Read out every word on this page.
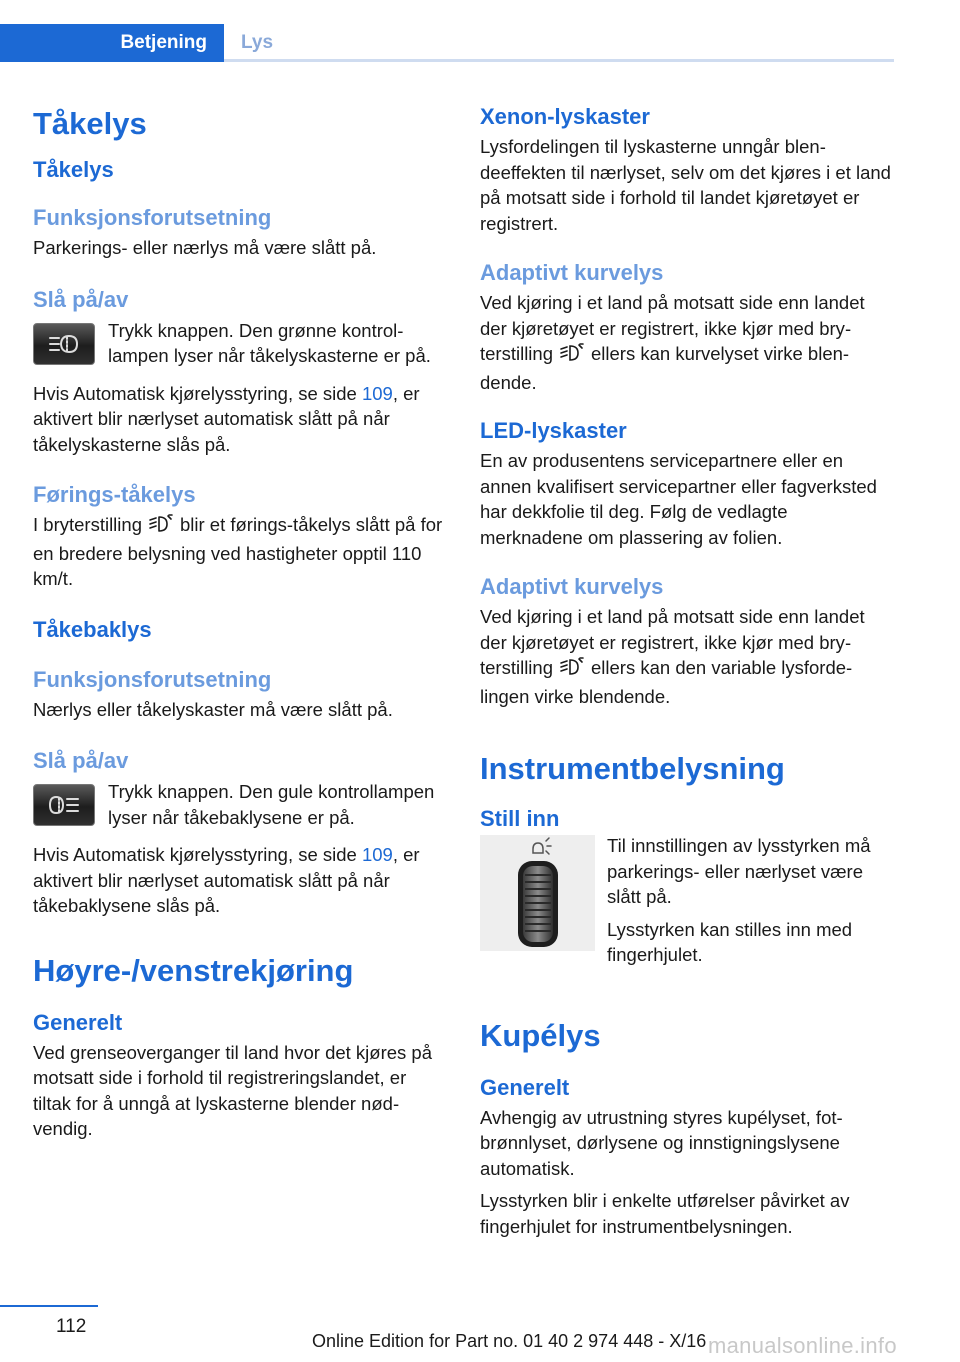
Betjening	Lys
Tåkelys
Tåkelys
Funksjonsforutsetning

Parkerings- eller nærlys må være slått på.

Slå på/av

Trykk knappen. Den grønne kontrollampen lyser når tåkelyskasterne er på.

Hvis Automatisk kjørelysstyring, se side 109, er aktivert blir nærlyset automatisk slått på når tåkelyskasterne slås på.

Førings-tåkelys

I bryterstilling blir et førings-tåkelys slått på for en bredere belysning ved hastigheter opptil 110 km/t.

Tåkebaklys
Funksjonsforutsetning

Nærlys eller tåkelyskaster må være slått på.

Slå på/av

Trykk knappen. Den gule kontrollampen lyser når tåkebaklysene er på.

Hvis Automatisk kjørelysstyring, se side 109, er aktivert blir nærlyset automatisk slått på når tåkebaklysene slås på.

Høyre-/venstrekjøring
Generelt

Ved grenseoverganger til land hvor det kjøres på motsatt side i forhold til registreringslandet, er tiltak for å unngå at lyskasterne blender nødvendig.

Xenon-lyskaster

Lysfordelingen til lyskasterne unngår blendeeffekten til nærlyset, selv om det kjøres i et land på motsatt side i forhold til landet kjøretøyet er registrert.

Adaptivt kurvelys

Ved kjøring i et land på motsatt side enn landet der kjøretøyet er registrert, ikke kjør med bryterstilling ellers kan kurvelyset virke blendende.

LED-lyskaster

En av produsentens servicepartnere eller en annen kvalifisert servicepartner eller fagverksted har dekkfolie til deg. Følg de vedlagte merknadene om plassering av folien.

Adaptivt kurvelys

Ved kjøring i et land på motsatt side enn landet der kjøretøyet er registrert, ikke kjør med bryterstilling ellers kan den variable lysfordelingen virke blendende.

Instrumentbelysning
Still inn

Til innstillingen av lysstyrken må parkerings- eller nærlyset være slått på.

Lysstyrken kan stilles inn med fingerhjulet.

Kupélys
Generelt

Avhengig av utrustning styres kupélyset, fotbrønnlyset, dørlysene og innstigningslysene automatisk.

Lysstyrken blir i enkelte utførelser påvirket av fingerhjulet for instrumentbelysningen.

112
Online Edition for Part no. 01 40 2 974 448 - X/16 manualsonline.info
